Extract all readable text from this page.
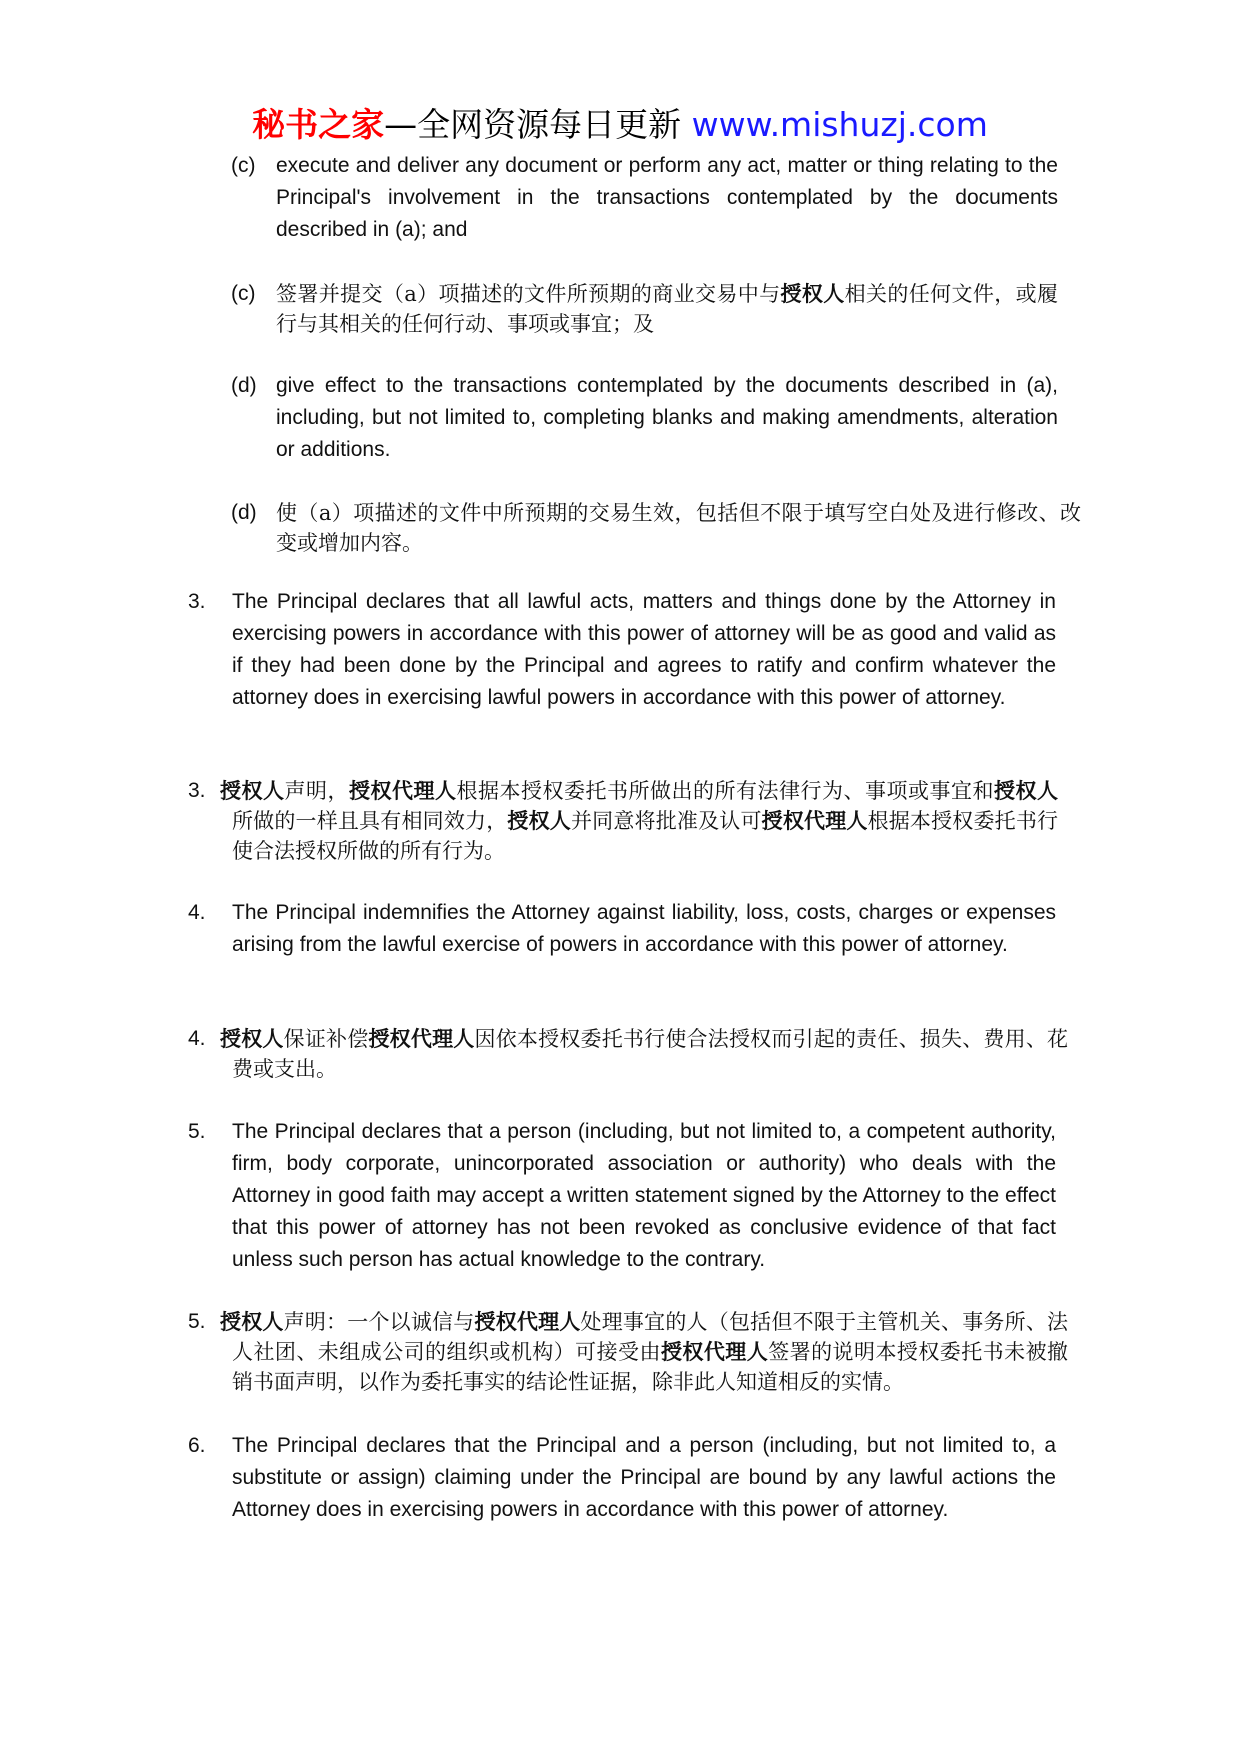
秘书之家—全网资源每日更新 www.mishuzj.com
(c) execute and deliver any document or perform any act, matter or thing relating to the Principal's involvement in the transactions contemplated by the documents described in (a); and
(c) 签署并提交（a）项描述的文件所预期的商业交易中与授权人相关的任何文件，或履行与其相关的任何行动、事项或事宜；及
(d) give effect to the transactions contemplated by the documents described in (a), including, but not limited to, completing blanks and making amendments, alteration or additions.
(d) 使（a）项描述的文件中所预期的交易生效，包括但不限于填写空白处及进行修改、改变或增加内容。
3. The Principal declares that all lawful acts, matters and things done by the Attorney in exercising powers in accordance with this power of attorney will be as good and valid as if they had been done by the Principal and agrees to ratify and confirm whatever the attorney does in exercising lawful powers in accordance with this power of attorney.
3. 授权人声明，授权代理人根据本授权委托书所做出的所有法律行为、事项或事宜和授权人所做的一样且具有相同效力，授权人并同意将批准及认可授权代理人根据本授权委托书行使合法授权所做的所有行为。
4. The Principal indemnifies the Attorney against liability, loss, costs, charges or expenses arising from the lawful exercise of powers in accordance with this power of attorney.
4. 授权人保证补偿授权代理人因依本授权委托书行使合法授权而引起的责任、损失、费用、花费或支出。
5. The Principal declares that a person (including, but not limited to, a competent authority, firm, body corporate, unincorporated association or authority) who deals with the Attorney in good faith may accept a written statement signed by the Attorney to the effect that this power of attorney has not been revoked as conclusive evidence of that fact unless such person has actual knowledge to the contrary.
5. 授权人声明：一个以诚信与授权代理人处理事宜的人（包括但不限于主管机关、事务所、法人社团、未组成公司的组织或机构）可接受由授权代理人签署的说明本授权委托书未被撤销书面声明，以作为委托事实的结论性证据，除非此人知道相反的实情。
6. The Principal declares that the Principal and a person (including, but not limited to, a substitute or assign) claiming under the Principal are bound by any lawful actions the Attorney does in exercising powers in accordance with this power of attorney.
